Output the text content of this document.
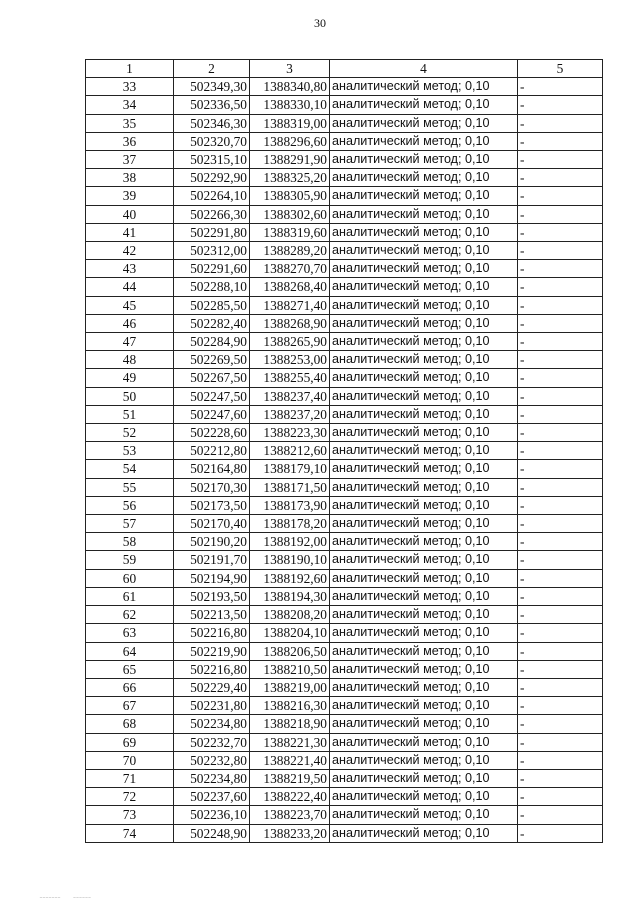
30
1	2	3	4	5
33	502349,30	1388340,80	аналитический метод; 0,10	-
34	502336,50	1388330,10	аналитический метод; 0,10	-
35	502346,30	1388319,00	аналитический метод; 0,10	-
36	502320,70	1388296,60	аналитический метод; 0,10	-
37	502315,10	1388291,90	аналитический метод; 0,10	-
38	502292,90	1388325,20	аналитический метод; 0,10	-
39	502264,10	1388305,90	аналитический метод; 0,10	-
40	502266,30	1388302,60	аналитический метод; 0,10	-
41	502291,80	1388319,60	аналитический метод; 0,10	-
42	502312,00	1388289,20	аналитический метод; 0,10	-
43	502291,60	1388270,70	аналитический метод; 0,10	-
44	502288,10	1388268,40	аналитический метод; 0,10	-
45	502285,50	1388271,40	аналитический метод; 0,10	-
46	502282,40	1388268,90	аналитический метод; 0,10	-
47	502284,90	1388265,90	аналитический метод; 0,10	-
48	502269,50	1388253,00	аналитический метод; 0,10	-
49	502267,50	1388255,40	аналитический метод; 0,10	-
50	502247,50	1388237,40	аналитический метод; 0,10	-
51	502247,60	1388237,20	аналитический метод; 0,10	-
52	502228,60	1388223,30	аналитический метод; 0,10	-
53	502212,80	1388212,60	аналитический метод; 0,10	-
54	502164,80	1388179,10	аналитический метод; 0,10	-
55	502170,30	1388171,50	аналитический метод; 0,10	-
56	502173,50	1388173,90	аналитический метод; 0,10	-
57	502170,40	1388178,20	аналитический метод; 0,10	-
58	502190,20	1388192,00	аналитический метод; 0,10	-
59	502191,70	1388190,10	аналитический метод; 0,10	-
60	502194,90	1388192,60	аналитический метод; 0,10	-
61	502193,50	1388194,30	аналитический метод; 0,10	-
62	502213,50	1388208,20	аналитический метод; 0,10	-
63	502216,80	1388204,10	аналитический метод; 0,10	-
64	502219,90	1388206,50	аналитический метод; 0,10	-
65	502216,80	1388210,50	аналитический метод; 0,10	-
66	502229,40	1388219,00	аналитический метод; 0,10	-
67	502231,80	1388216,30	аналитический метод; 0,10	-
68	502234,80	1388218,90	аналитический метод; 0,10	-
69	502232,70	1388221,30	аналитический метод; 0,10	-
70	502232,80	1388221,40	аналитический метод; 0,10	-
71	502234,80	1388219,50	аналитический метод; 0,10	-
72	502237,60	1388222,40	аналитический метод; 0,10	-
73	502236,10	1388223,70	аналитический метод; 0,10	-
74	502248,90	1388233,20	аналитический метод; 0,10	-
‾‾‾‾‾‾‾     ‾‾‾‾‾‾
